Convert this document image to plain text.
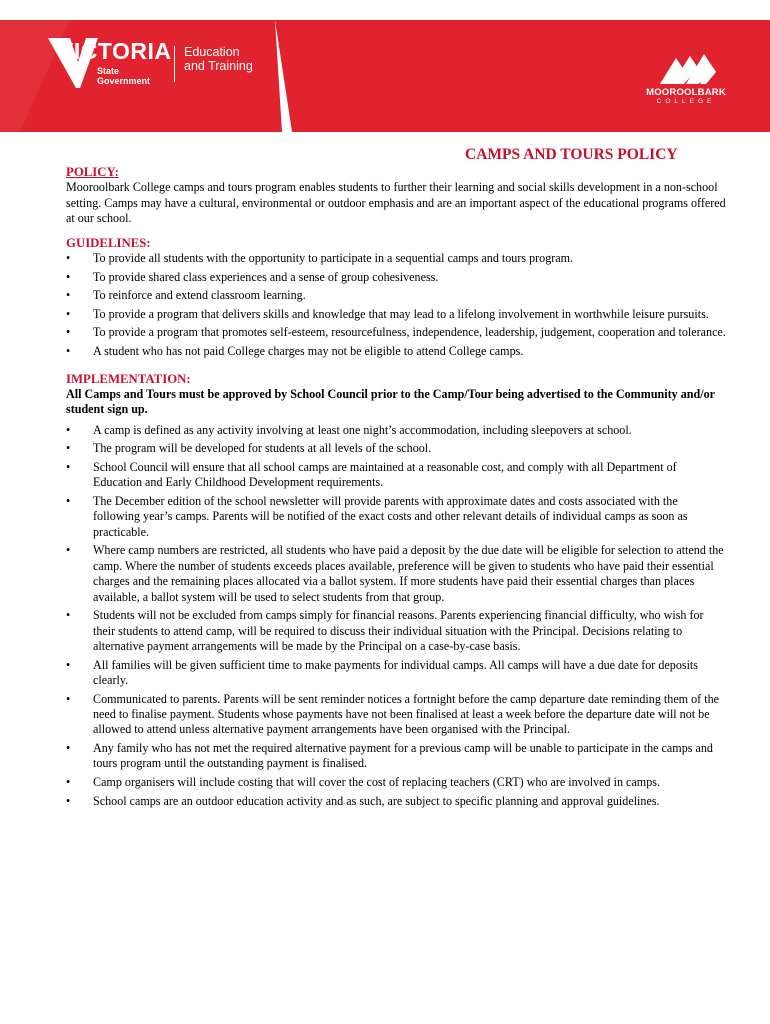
VICTORIA
State
Government
Education
and Training
MOOROOLBARK
COLLEGE
CAMPS AND TOURS POLICY
POLICY:

Mooroolbark College camps and tours program enables students to further their learning and social skills development in a non-school setting. Camps may have a cultural, environmental or outdoor emphasis and are an important aspect of the educational programs offered at our school.

GUIDELINES:
•	To provide all students with the opportunity to participate in a sequential camps and tours program.
•	To provide shared class experiences and a sense of group cohesiveness.
•	To reinforce and extend classroom learning.
•	To provide a program that delivers skills and knowledge that may lead to a lifelong involvement in worthwhile leisure pursuits.
•	To provide a program that promotes self-esteem, resourcefulness, independence, leadership, judgement, cooperation and tolerance.
•	A student who has not paid College charges may not be eligible to attend College camps.
IMPLEMENTATION:

All Camps and Tours must be approved by School Council prior to the Camp/Tour being advertised to the Community and/or student sign up.

•	A camp is defined as any activity involving at least one night’s accommodation, including sleepovers at school.
•	The program will be developed for students at all levels of the school.
•	School Council will ensure that all school camps are maintained at a reasonable cost, and comply with all Department of Education and Early Childhood Development requirements.
•	The December edition of the school newsletter will provide parents with approximate dates and costs associated with the following year’s camps. Parents will be notified of the exact costs and other relevant details of individual camps as soon as practicable.
•	Where camp numbers are restricted, all students who have paid a deposit by the due date will be eligible for selection to attend the camp. Where the number of students exceeds places available, preference will be given to students who have paid their essential charges and the remaining places allocated via a ballot system. If more students have paid their essential charges than places available, a ballot system will be used to select students from that group.
•	Students will not be excluded from camps simply for financial reasons. Parents experiencing financial difficulty, who wish for their students to attend camp, will be required to discuss their individual situation with the Principal. Decisions relating to alternative payment arrangements will be made by the Principal on a case-by-case basis.
•	All families will be given sufficient time to make payments for individual camps. All camps will have a due date for deposits clearly.
•	Communicated to parents. Parents will be sent reminder notices a fortnight before the camp departure date reminding them of the need to finalise payment. Students whose payments have not been finalised at least a week before the departure date will not be allowed to attend unless alternative payment arrangements have been organised with the Principal.
•	Any family who has not met the required alternative payment for a previous camp will be unable to participate in the camps and tours program until the outstanding payment is finalised.
•	Camp organisers will include costing that will cover the cost of replacing teachers (CRT) who are involved in camps.
•	School camps are an outdoor education activity and as such, are subject to specific planning and approval guidelines.
